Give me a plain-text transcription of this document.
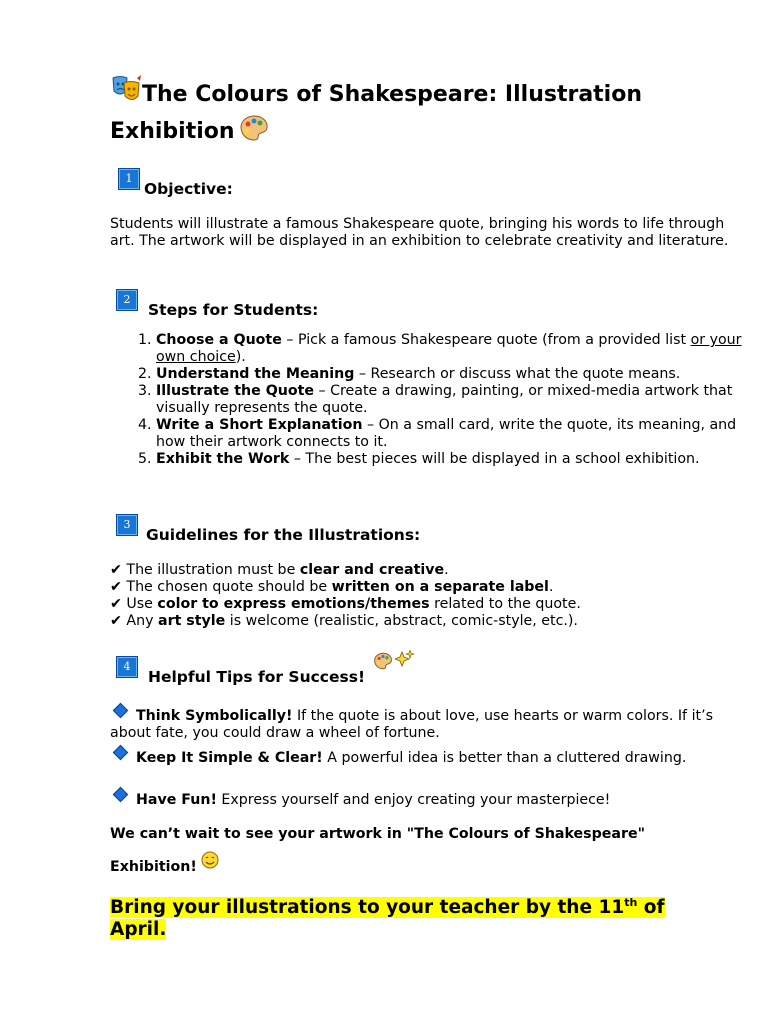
The Colours of Shakespeare: Illustration Exhibition
1
Objective:
Students will illustrate a famous Shakespeare quote, bringing his words to life through art. The artwork will be displayed in an exhibition to celebrate creativity and literature.
2
Steps for Students:
1. Choose a Quote – Pick a famous Shakespeare quote (from a provided list or your own choice).
2. Understand the Meaning – Research or discuss what the quote means.
3. Illustrate the Quote – Create a drawing, painting, or mixed-media artwork that visually represents the quote.
4. Write a Short Explanation – On a small card, write the quote, its meaning, and how their artwork connects to it.
5. Exhibit the Work – The best pieces will be displayed in a school exhibition.
3
Guidelines for the Illustrations:
✔ The illustration must be clear and creative.
✔ The chosen quote should be written on a separate label.
✔ Use color to express emotions/themes related to the quote.
✔ Any art style is welcome (realistic, abstract, comic-style, etc.).
4
Helpful Tips for Success!
Think Symbolically! If the quote is about love, use hearts or warm colors. If it’s about fate, you could draw a wheel of fortune.
Keep It Simple & Clear! A powerful idea is better than a cluttered drawing.
Have Fun! Express yourself and enjoy creating your masterpiece!
We can’t wait to see your artwork in "The Colours of Shakespeare"
Exhibition!
Bring your illustrations to your teacher by the 11th of
April.
